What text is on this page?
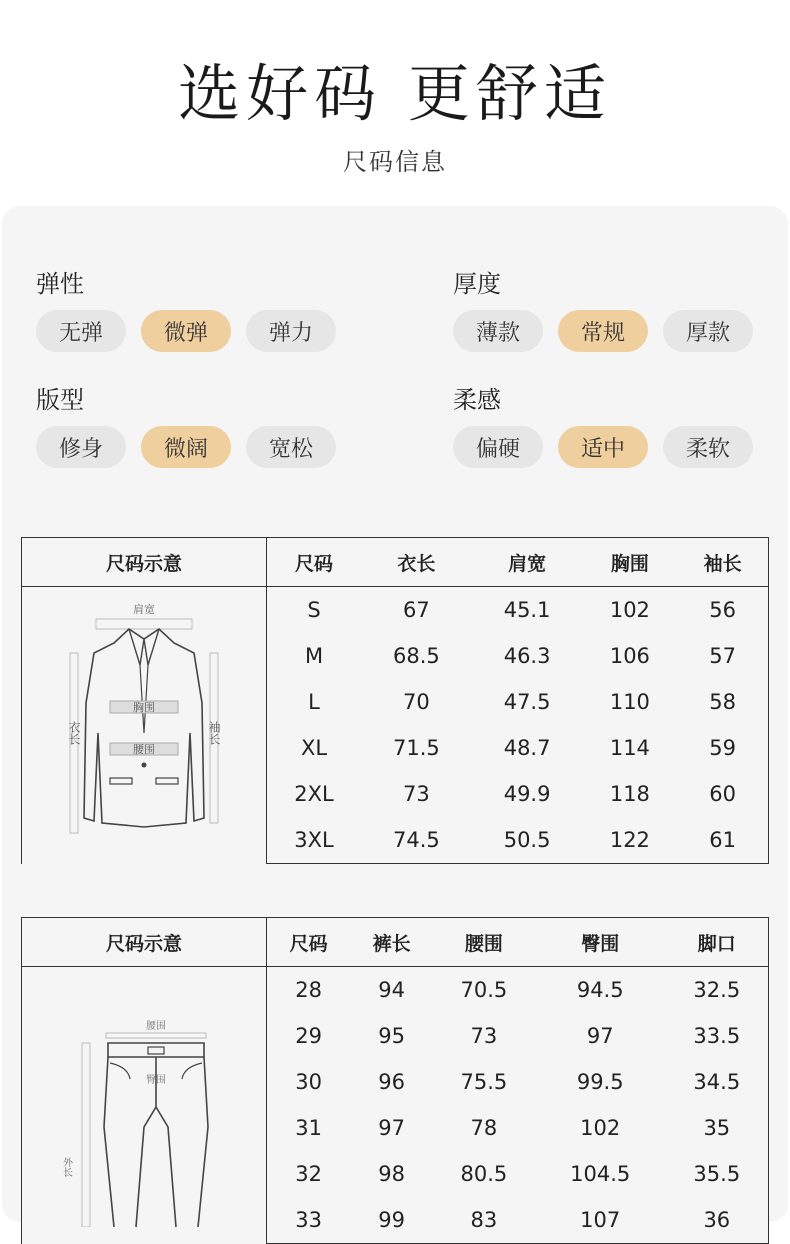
选好码 更舒适
尺码信息
弹性
无弹	微弹	弹力
厚度
薄款	常规	厚款
版型
修身	微阔	宽松
柔感
偏硬	适中	柔软
尺码示意	尺码	衣长	肩宽	胸围	袖长

肩宽
胸围
腰围
衣长 袖长	S	67	45.1	102	56
	M	68.5	46.3	106	57
	L	70	47.5	110	58
	XL	71.5	48.7	114	59
	2XL	73	49.9	118	60
	3XL	74.5	50.5	122	61
尺码示意	尺码	裤长	腰围	臀围	脚口

腰围
臀围
外长	28	94	70.5	94.5	32.5
	29	95	73	97	33.5
	30	96	75.5	99.5	34.5
	31	97	78	102	35
	32	98	80.5	104.5	35.5
	33	99	83	107	36
